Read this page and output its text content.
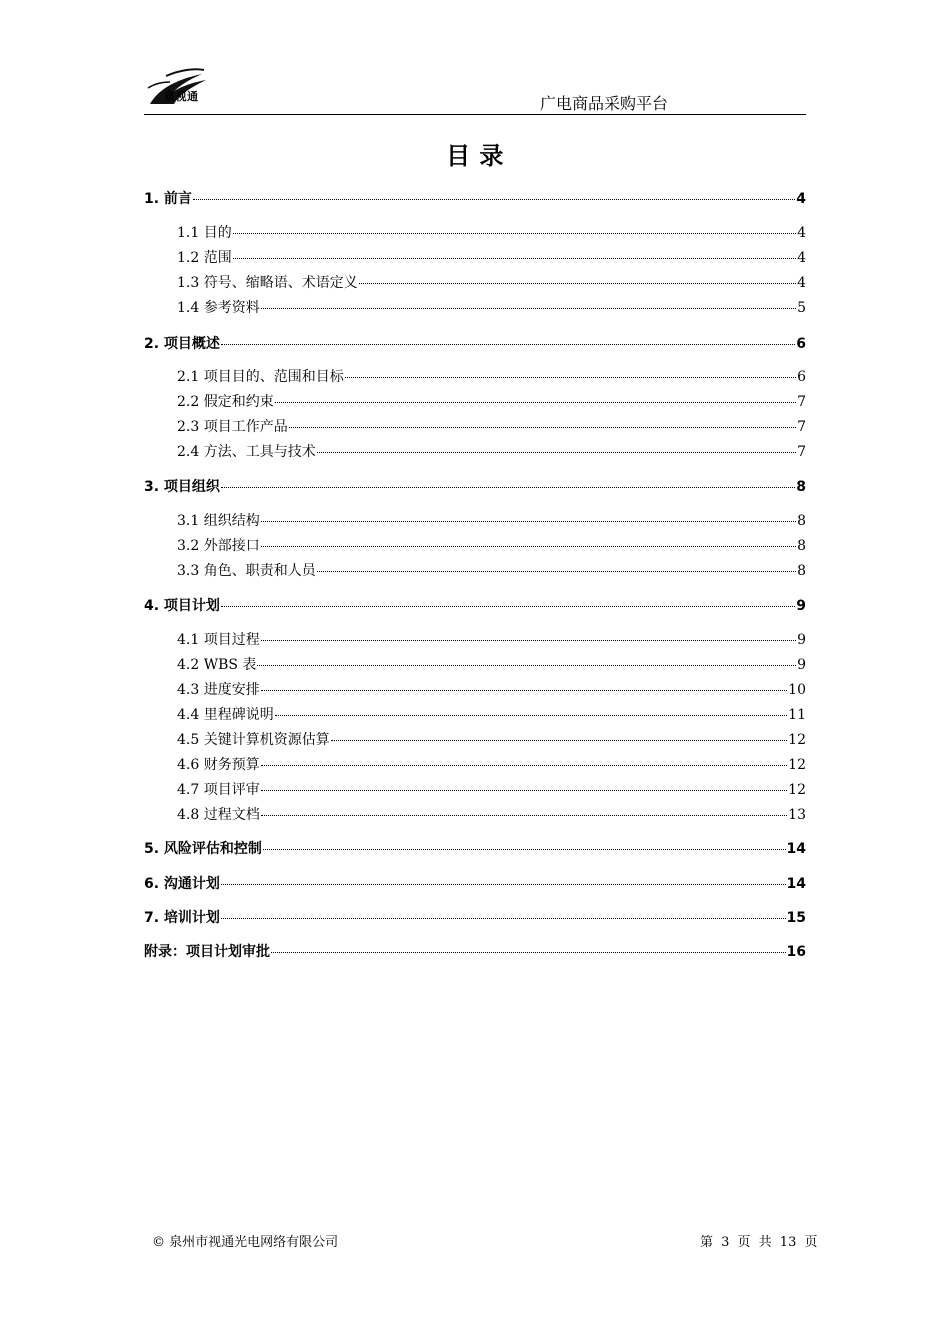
泉视通	广电商品采购平台
目 录
1. 前言	4
1.1 目的	4
1.2 范围	4
1.3 符号、缩略语、术语定义	4
1.4 参考资料	5
2. 项目概述	6
2.1 项目目的、范围和目标	6
2.2 假定和约束	7
2.3 项目工作产品	7
2.4 方法、工具与技术	7
3. 项目组织	8
3.1 组织结构	8
3.2 外部接口	8
3.3 角色、职责和人员	8
4. 项目计划	9
4.1 项目过程	9
4.2 WBS 表	9
4.3 进度安排	10
4.4 里程碑说明	11
4.5 关键计算机资源估算	12
4.6 财务预算	12
4.7 项目评审	12
4.8 过程文档	13
5. 风险评估和控制	14
6. 沟通计划	14
7. 培训计划	15
附录：项目计划审批	16
© 泉州市视通光电网络有限公司	第 3 页 共 13 页
